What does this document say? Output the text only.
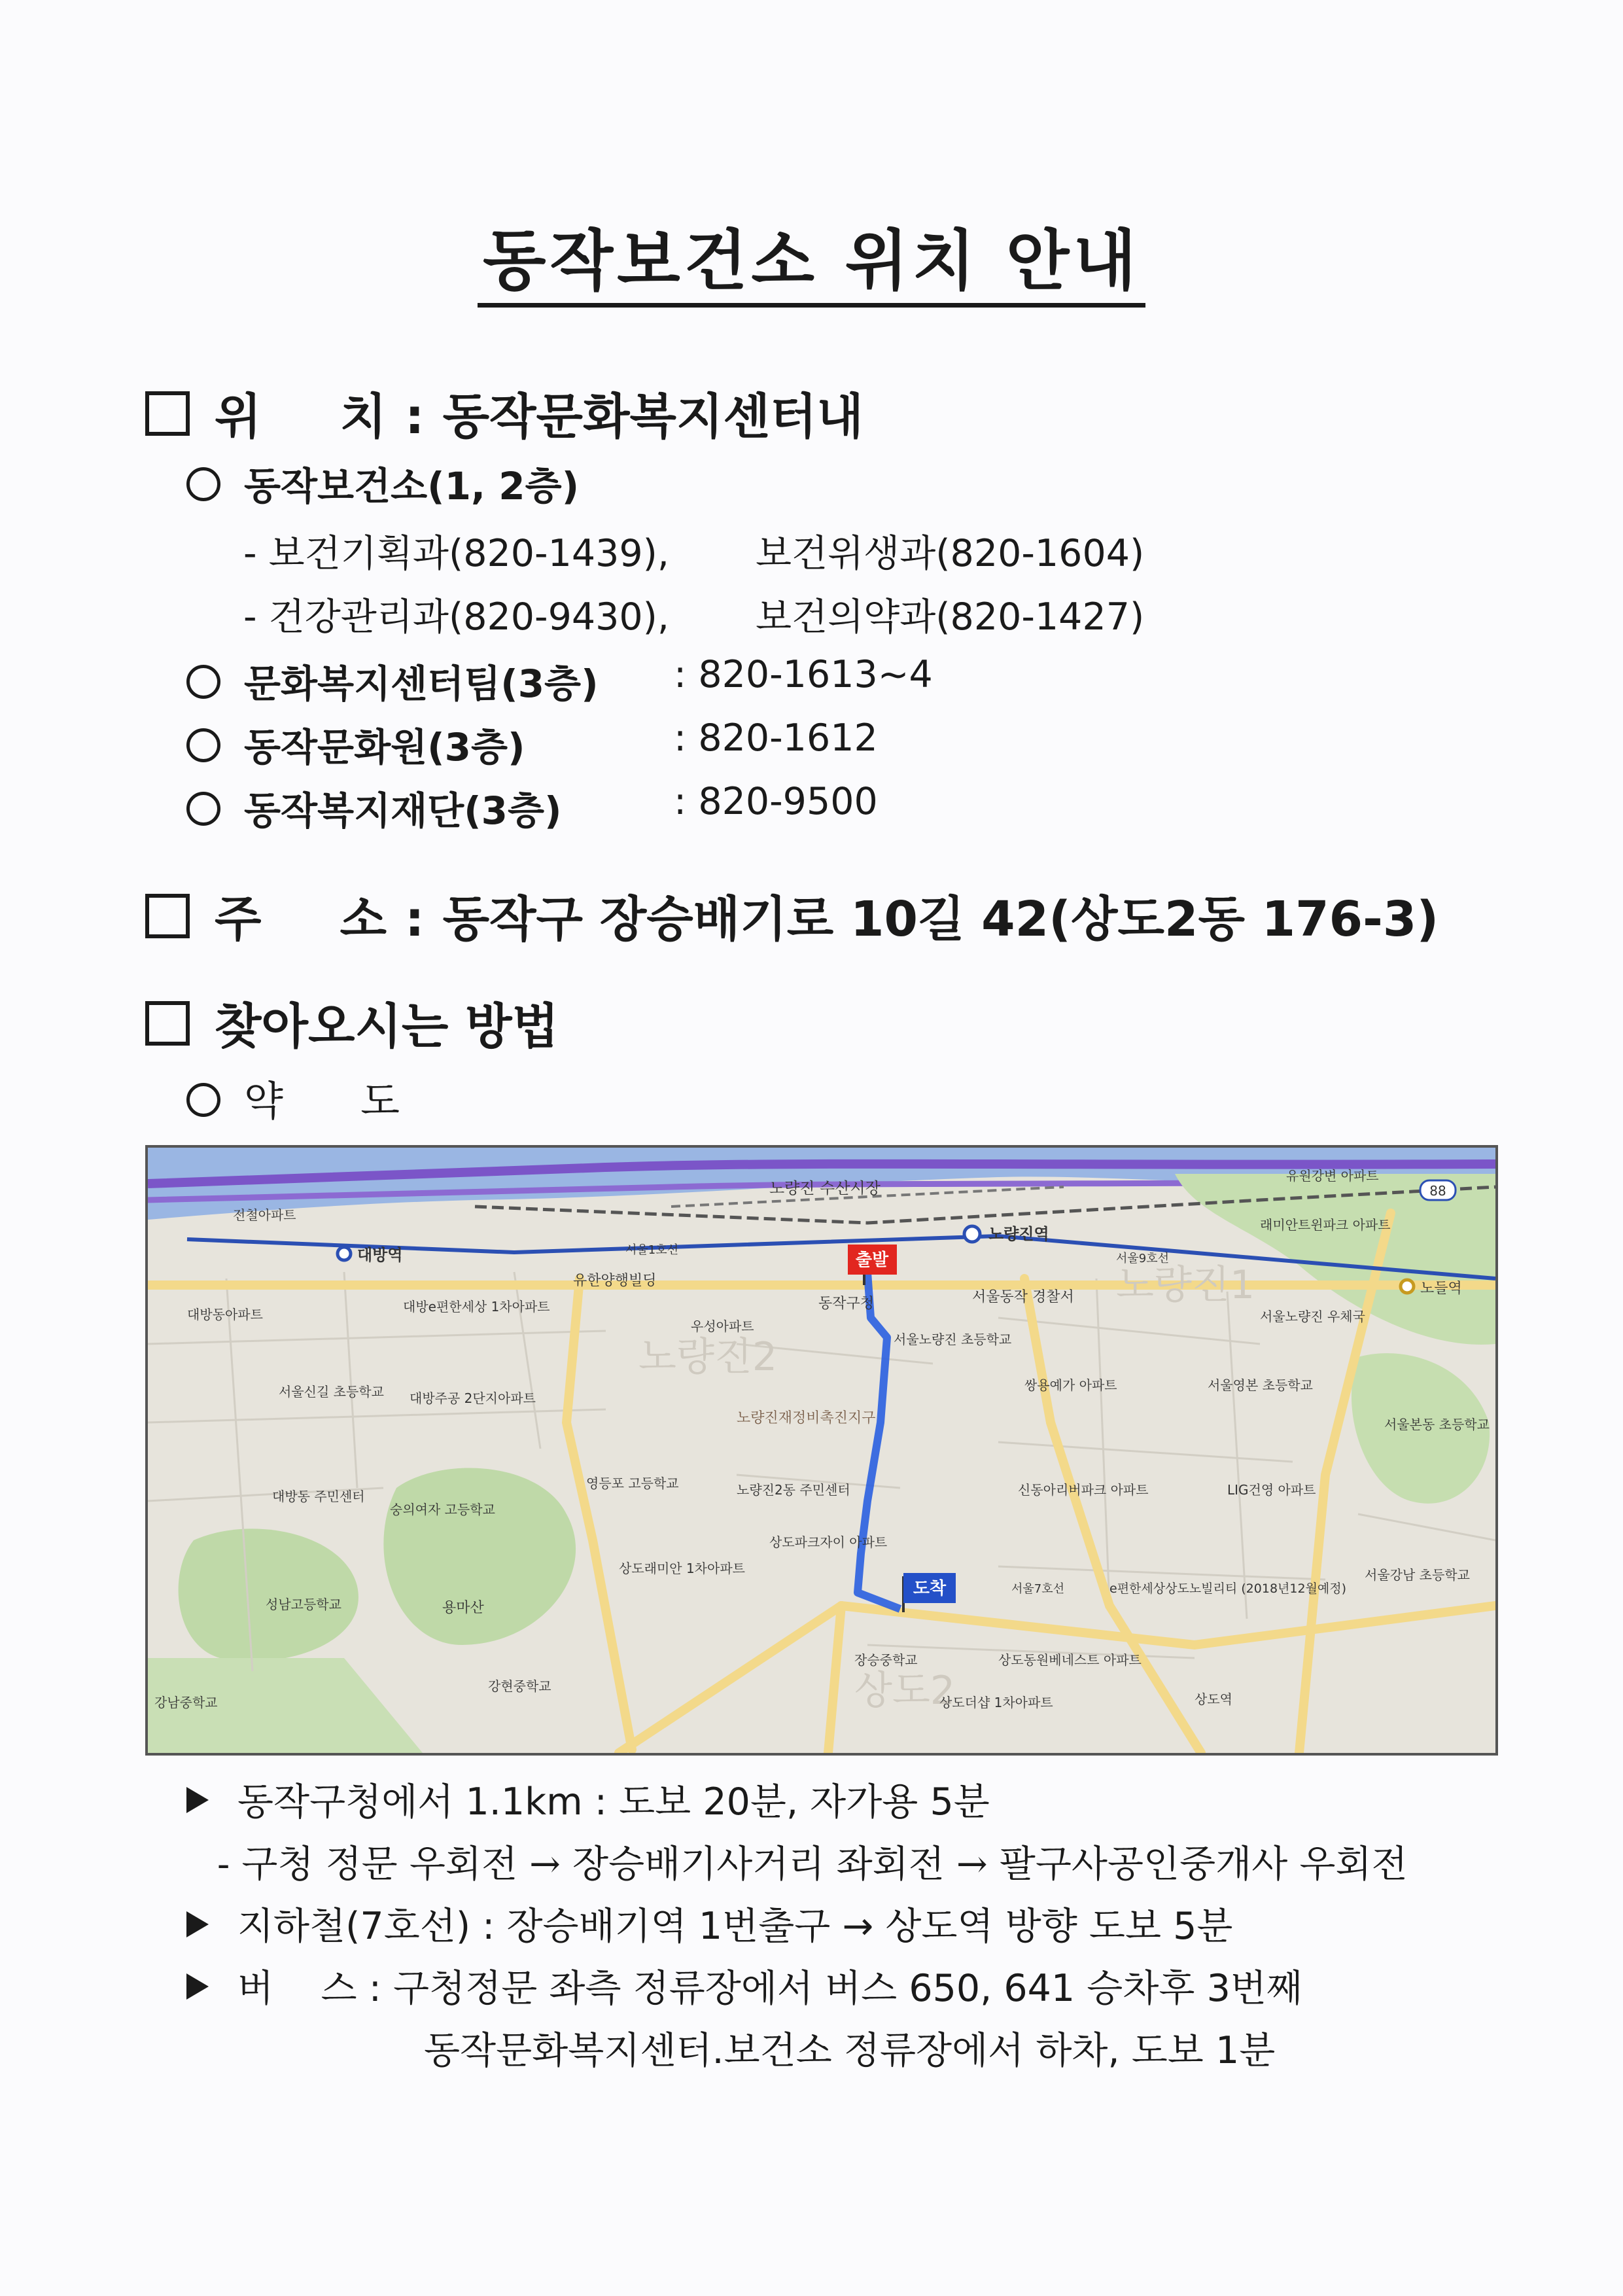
동작보건소 위치 안내
위 치 : 동작문화복지센터내
동작보건소(1, 2층)
- 보건기획과(820-1439), 보건위생과(820-1604)
- 건강관리과(820-9430), 보건의약과(820-1427)
문화복지센터팀(3층) : 820-1613~4
동작문화원(3층)	: 820-1612
동작복지재단(3층)	: 820-9500
주 소 : 동작구 장승배기로 10길 42(상도2동 176-3)
찾아오시는 방법
약      도
출발
도착
노량진2
노량진1
상도2
노량진 수산시장
노량진역
대방역	서울1호선
서울9호선
노들역
유원강변 아파트
래미안트윈파크 아파트
전철아파트
유한양행빌딩
동작구청	서울동작 경찰서
서울노량진 우체국
대방동아파트	대방e편한세상 1차아파트
우성아파트
서울노량진 초등학교
서울신길 초등학교 대방주공 2단지아파트
노량진재정비촉진지구
쌍용예가 아파트	서울영본 초등학교
서울본동 초등학교
영등포 고등학교	노량진2동 주민센터
대방동 주민센터
숭의여자 고등학교
신동아리버파크 아파트	LIG건영 아파트
상도파크자이 아파트
상도래미안 1차아파트
서울7호선	e편한세상상도노빌리티 (2018년12월예정)
서울강남 초등학교
성남고등학교	용마산
장승중학교	상도동원베네스트 아파트
강현중학교
상도더샵 1차아파트
강남중학교	상도역
88
동작구청에서 1.1km : 도보 20분, 자가용 5분
- 구청 정문 우회전 → 장승배기사거리 좌회전 → 팔구사공인중개사 우회전
지하철(7호선) : 장승배기역 1번출구 → 상도역 방향 도보 5분
버    스 : 구청정문 좌측 정류장에서 버스 650, 641 승차후 3번째
동작문화복지센터.보건소 정류장에서 하차, 도보 1분
